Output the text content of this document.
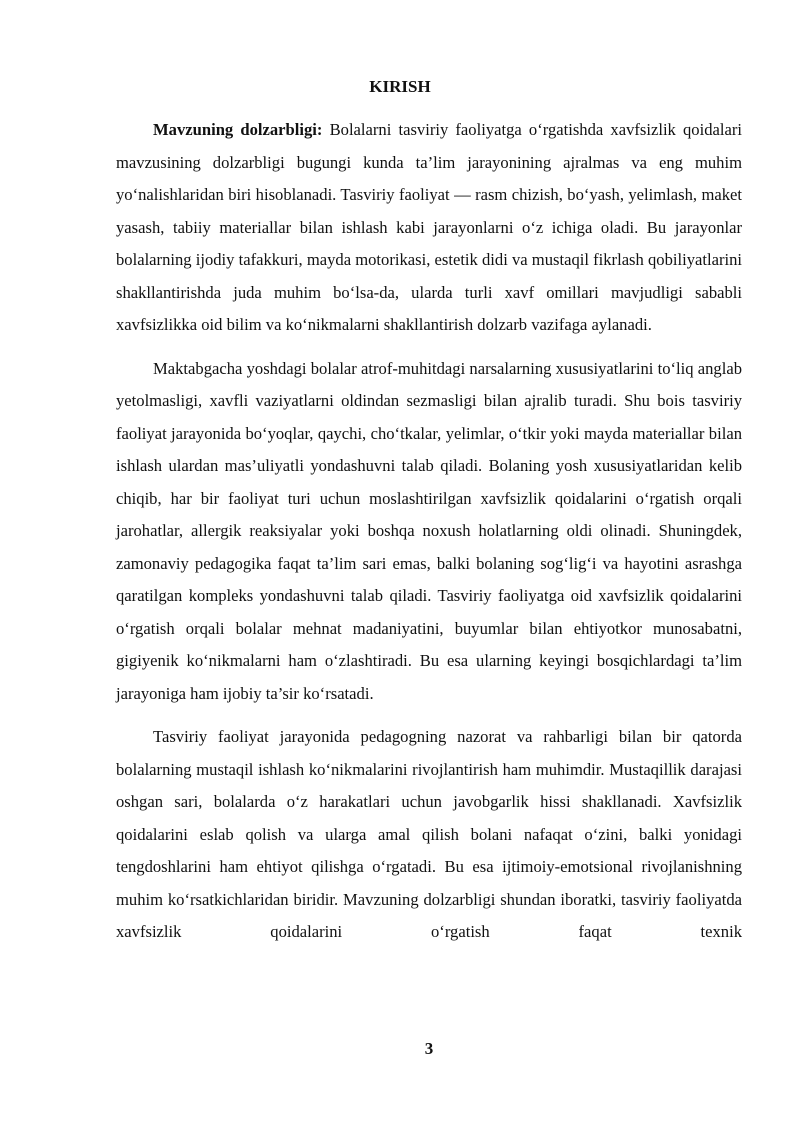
KIRISH

Mavzuning dolzarbligi: Bolalarni tasviriy faoliyatga o‘rgatishda xavfsizlik qoidalari mavzusining dolzarbligi bugungi kunda ta’lim jarayonining ajralmas va eng muhim yo‘nalishlaridan biri hisoblanadi. Tasviriy faoliyat — rasm chizish, bo‘yash, yelimlash, maket yasash, tabiiy materiallar bilan ishlash kabi jarayonlarni o‘z ichiga oladi. Bu jarayonlar bolalarning ijodiy tafakkuri, mayda motorikasi, estetik didi va mustaqil fikrlash qobiliyatlarini shakllantirishda juda muhim bo‘lsa-da, ularda turli xavf omillari mavjudligi sababli xavfsizlikka oid bilim va ko‘nikmalarni shakllantirish dolzarb vazifaga aylanadi.

Maktabgacha yoshdagi bolalar atrof-muhitdagi narsalarning xususiyatlarini to‘liq anglab yetolmasligi, xavfli vaziyatlarni oldindan sezmasligi bilan ajralib turadi. Shu bois tasviriy faoliyat jarayonida bo‘yoqlar, qaychi, cho‘tkalar, yelimlar, o‘tkir yoki mayda materiallar bilan ishlash ulardan mas’uliyatli yondashuvni talab qiladi. Bolaning yosh xususiyatlaridan kelib chiqib, har bir faoliyat turi uchun moslashtirilgan xavfsizlik qoidalarini o‘rgatish orqali jarohatlar, allergik reaksiyalar yoki boshqa noxush holatlarning oldi olinadi. Shuningdek, zamonaviy pedagogika faqat ta’lim sari emas, balki bolaning sog‘lig‘i va hayotini asrashga qaratilgan kompleks yondashuvni talab qiladi. Tasviriy faoliyatga oid xavfsizlik qoidalarini o‘rgatish orqali bolalar mehnat madaniyatini, buyumlar bilan ehtiyotkor munosabatni, gigiyenik ko‘nikmalarni ham o‘zlashtiradi. Bu esa ularning keyingi bosqichlardagi ta’lim jarayoniga ham ijobiy ta’sir ko‘rsatadi.

Tasviriy faoliyat jarayonida pedagogning nazorat va rahbarligi bilan bir qatorda bolalarning mustaqil ishlash ko‘nikmalarini rivojlantirish ham muhimdir. Mustaqillik darajasi oshgan sari, bolalarda o‘z harakatlari uchun javobgarlik hissi shakllanadi. Xavfsizlik qoidalarini eslab qolish va ularga amal qilish bolani nafaqat o‘zini, balki yonidagi tengdoshlarini ham ehtiyot qilishga o‘rgatadi. Bu esa ijtimoiy-emotsional rivojlanishning muhim ko‘rsatkichlaridan biridir. Mavzuning dolzarbligi shundan iboratki, tasviriy faoliyatda xavfsizlik qoidalarini o‘rgatish faqat texnik

3
